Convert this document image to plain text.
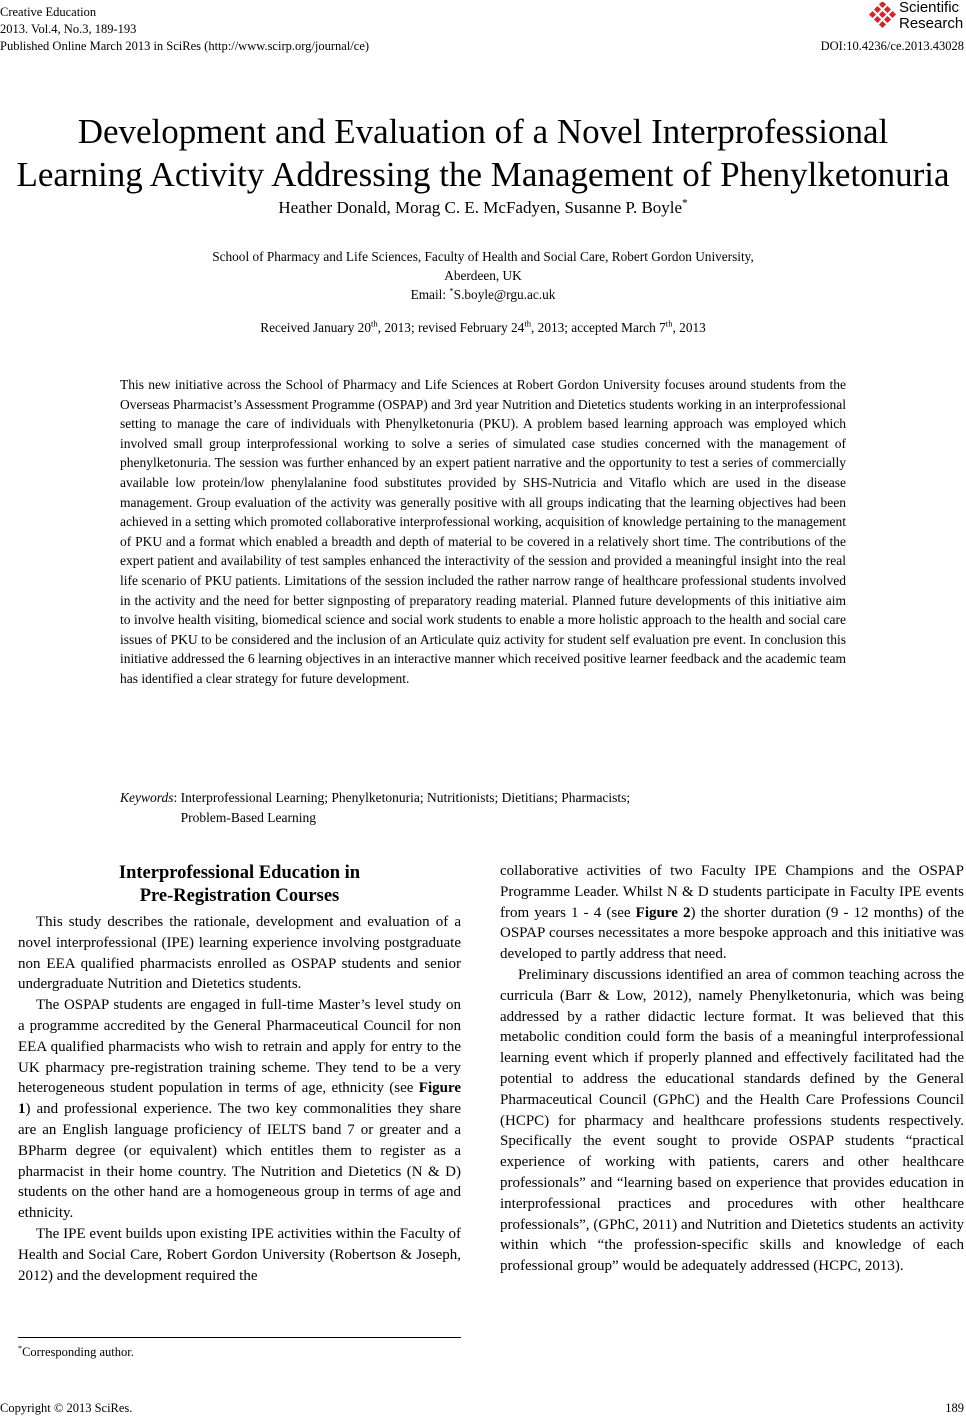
Creative Education
2013. Vol.4, No.3, 189-193
Published Online March 2013 in SciRes (http://www.scirp.org/journal/ce)	DOI:10.4236/ce.2013.43028
Scientific
Research
Development and Evaluation of a Novel Interprofessional
Learning Activity Addressing the Management of Phenylketonuria
Heather Donald, Morag C. E. McFadyen, Susanne P. Boyle*
School of Pharmacy and Life Sciences, Faculty of Health and Social Care, Robert Gordon University,
Aberdeen, UK
Email: *S.boyle@rgu.ac.uk
Received January 20th, 2013; revised February 24th, 2013; accepted March 7th, 2013
This new initiative across the School of Pharmacy and Life Sciences at Robert Gordon University focuses around students from the Overseas Pharmacist’s Assessment Programme (OSPAP) and 3rd year Nutrition and Dietetics students working in an interprofessional setting to manage the care of individuals with Phenylketonuria (PKU). A problem based learning approach was employed which involved small group interprofessional working to solve a series of simulated case studies concerned with the management of phenylketonuria. The session was further enhanced by an expert patient narrative and the opportunity to test a series of commercially available low protein/low phenylalanine food substitutes provided by SHS-Nutricia and Vitaflo which are used in the disease management. Group evaluation of the activity was generally positive with all groups indicating that the learning objectives had been achieved in a setting which promoted collaborative interprofessional working, acquisition of knowledge pertaining to the management of PKU and a format which enabled a breadth and depth of material to be covered in a relatively short time. The contributions of the expert patient and availability of test samples enhanced the interactivity of the session and provided a meaningful insight into the real life scenario of PKU patients. Limitations of the session included the rather narrow range of healthcare professional students involved in the activity and the need for better signposting of preparatory reading material. Planned future developments of this initiative aim to involve health visiting, biomedical science and social work students to enable a more holistic approach to the health and social care issues of PKU to be considered and the inclusion of an Articulate quiz activity for student self evaluation pre event. In conclusion this initiative addressed the 6 learning objectives in an interactive manner which received positive learner feedback and the academic team has identified a clear strategy for future development.
Keywords: Interprofessional Learning; Phenylketonuria; Nutritionists; Dietitians; Pharmacists;
Problem-Based Learning
Interprofessional Education in
Pre-Registration Courses

This study describes the rationale, development and evaluation of a novel interprofessional (IPE) learning experience involving postgraduate non EEA qualified pharmacists enrolled as OSPAP students and senior undergraduate Nutrition and Dietetics students.

The OSPAP students are engaged in full-time Master’s level study on a programme accredited by the General Pharmaceutical Council for non EEA qualified pharmacists who wish to retrain and apply for entry to the UK pharmacy pre-registration training scheme. They tend to be a very heterogeneous student population in terms of age, ethnicity (see Figure 1) and professional experience. The two key commonalities they share are an English language proficiency of IELTS band 7 or greater and a BPharm degree (or equivalent) which entitles them to register as a pharmacist in their home country. The Nutrition and Dietetics (N & D) students on the other hand are a homogeneous group in terms of age and ethnicity.

The IPE event builds upon existing IPE activities within the Faculty of Health and Social Care, Robert Gordon University (Robertson & Joseph, 2012) and the development required the

collaborative activities of two Faculty IPE Champions and the OSPAP Programme Leader. Whilst N & D students participate in Faculty IPE events from years 1 - 4 (see Figure 2) the shorter duration (9 - 12 months) of the OSPAP courses necessitates a more bespoke approach and this initiative was developed to partly address that need.

Preliminary discussions identified an area of common teaching across the curricula (Barr & Low, 2012), namely Phenylketonuria, which was being addressed by a rather didactic lecture format. It was believed that this metabolic condition could form the basis of a meaningful interprofessional learning event which if properly planned and effectively facilitated had the potential to address the educational standards defined by the General Pharmaceutical Council (GPhC) and the Health Care Professions Council (HCPC) for pharmacy and healthcare professions students respectively. Specifically the event sought to provide OSPAP students “practical experience of working with patients, carers and other healthcare professionals” and “learning based on experience that provides education in interprofessional practices and procedures with other healthcare professionals”, (GPhC, 2011) and Nutrition and Dietetics students an activity within which “the profession-specific skills and knowledge of each professional group” would be adequately addressed (HCPC, 2013).

*Corresponding author.
Copyright © 2013 SciRes.	189
